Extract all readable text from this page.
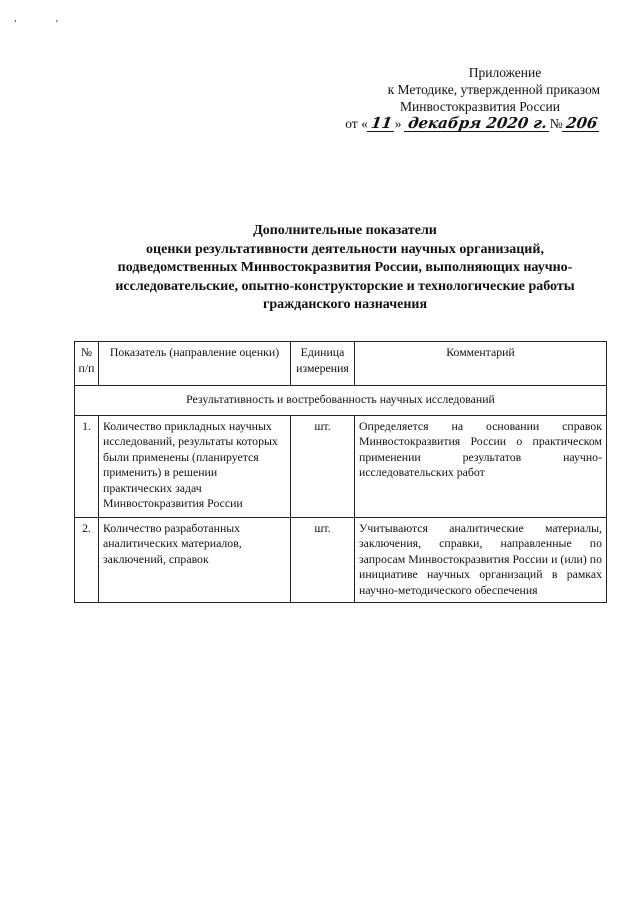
, ,
Приложение
к Методике, утвержденной приказом
Минвостокразвития России
от « 11 » декабря 2020 г. № 206
Дополнительные показатели
оценки результативности деятельности научных организаций,
подведомственных Минвостокразвития России, выполняющих научно-
исследовательские, опытно-конструкторские и технологические работы
гражданского назначения
№ п/п	Показатель (направление оценки)	Единица измерения	Комментарий
Результативность и востребованность научных исследований			
1.	Количество прикладных научных исследований, результаты которых были применены (планируется применить) в решении практических задач Минвостокразвития России	шт.	Определяется на основании справок Минвостокразвития России о практическом применении результатов научно-исследовательских работ
2.	Количество разработанных аналитических материалов, заключений, справок	шт.	Учитываются аналитические материалы, заключения, справки, направленные по запросам Минвостокразвития России и (или) по инициативе научных организаций в рамках научно-методического обеспечения
